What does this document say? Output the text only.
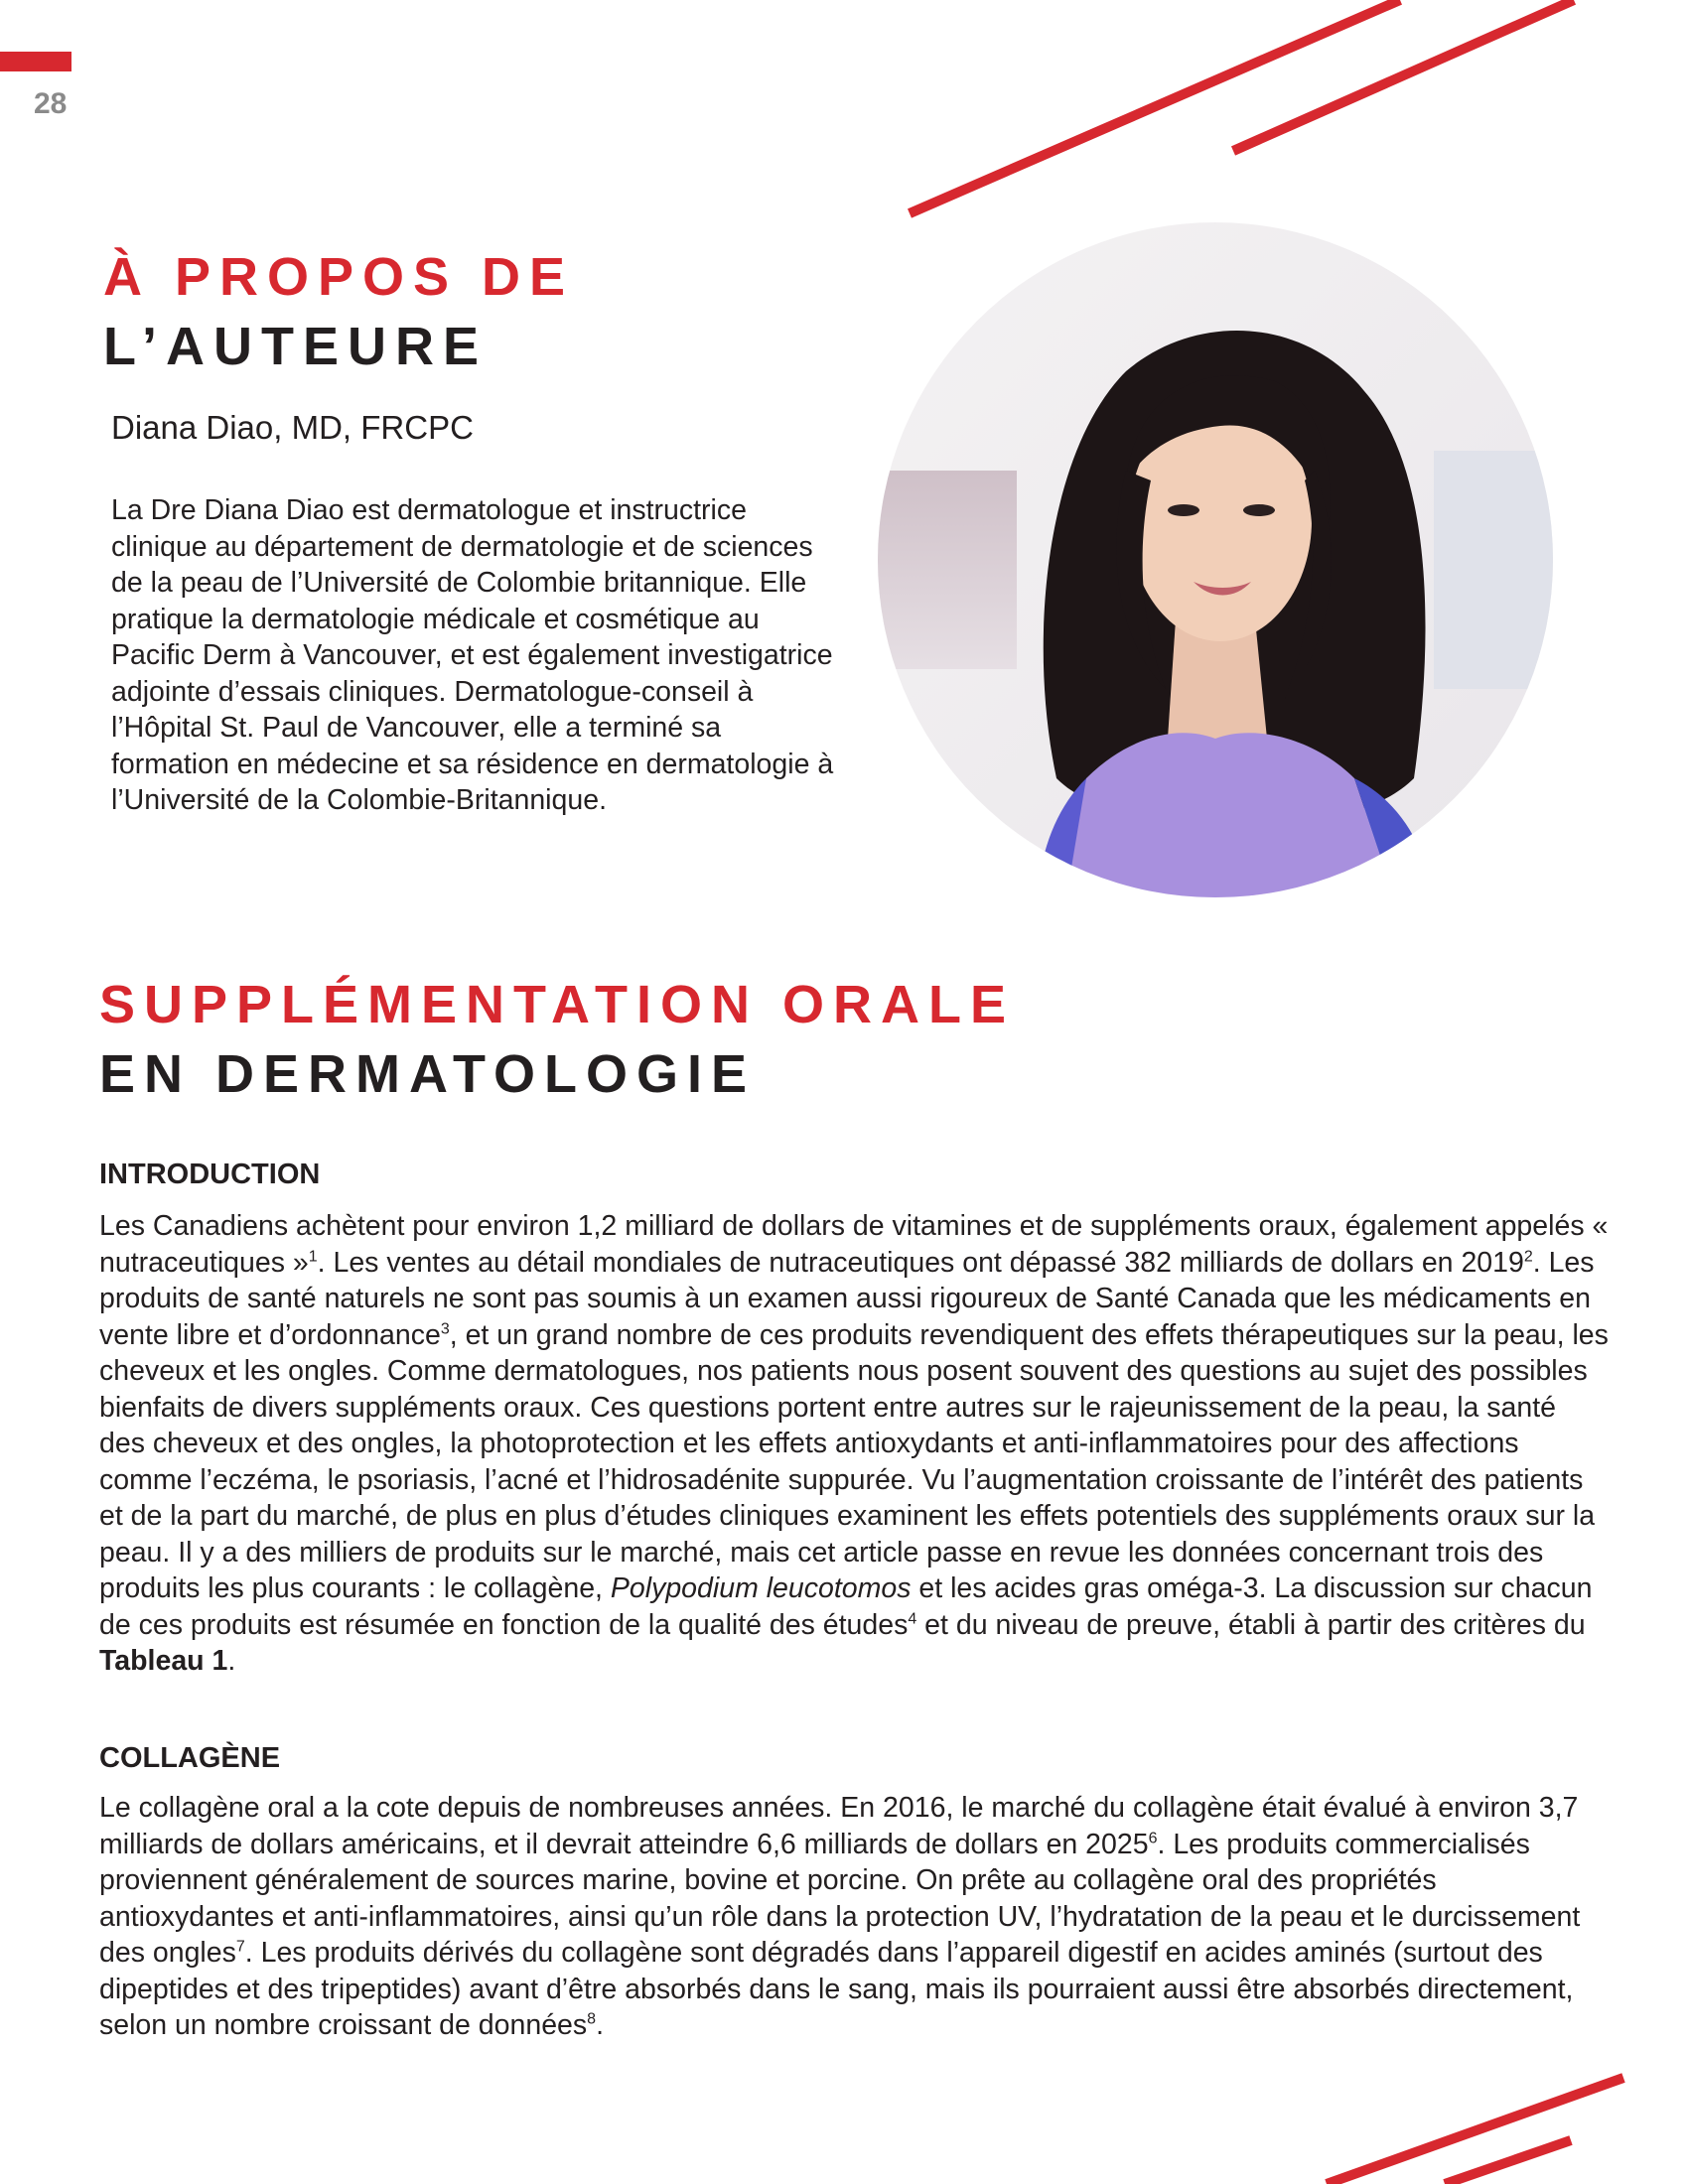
28
À PROPOS DE
L’AUTEURE
Diana Diao, MD, FRCPC
La Dre Diana Diao est dermatologue et instructrice clinique au département de dermatologie et de sciences de la peau de l’Université de Colombie britannique. Elle pratique la dermatologie médicale et cosmétique au Pacific Derm à Vancouver, et est également investigatrice adjointe d’essais cliniques. Dermatologue-conseil à l’Hôpital St. Paul de Vancouver, elle a terminé sa formation en médecine et sa résidence en dermatologie à l’Université de la Colombie-Britannique.
SUPPLÉMENTATION ORALE
EN DERMATOLOGIE
INTRODUCTION
Les Canadiens achètent pour environ 1,2 milliard de dollars de vitamines et de suppléments oraux, également appelés « nutraceutiques »$^1$. Les ventes au détail mondiales de nutraceutiques ont dépassé 382 milliards de dollars en 2019$^2$. Les produits de santé naturels ne sont pas soumis à un examen aussi rigoureux de Santé Canada que les médicaments en vente libre et d’ordonnance$^3$, et un grand nombre de ces produits revendiquent des effets thérapeutiques sur la peau, les cheveux et les ongles. Comme dermatologues, nos patients nous posent souvent des questions au sujet des possibles bienfaits de divers suppléments oraux. Ces questions portent entre autres sur le rajeunissement de la peau, la santé des cheveux et des ongles, la photoprotection et les effets antioxydants et anti-inflammatoires pour des affections comme l’eczéma, le psoriasis, l’acné et l’hidrosadénite suppurée. Vu l’augmentation croissante de l’intérêt des patients et de la part du marché, de plus en plus d’études cliniques examinent les effets potentiels des suppléments oraux sur la peau. Il y a des milliers de produits sur le marché, mais cet article passe en revue les données concernant trois des produits les plus courants : le collagène, Polypodium leucotomos et les acides gras oméga-3. La discussion sur chacun de ces produits est résumée en fonction de la qualité des études$^4$ et du niveau de preuve, établi à partir des critères du Tableau 1.
COLLAGÈNE
Le collagène oral a la cote depuis de nombreuses années. En 2016, le marché du collagène était évalué à environ 3,7 milliards de dollars américains, et il devrait atteindre 6,6 milliards de dollars en 2025$^6$. Les produits commercialisés proviennent généralement de sources marine, bovine et porcine. On prête au collagène oral des propriétés antioxydantes et anti-inflammatoires, ainsi qu’un rôle dans la protection UV, l’hydratation de la peau et le durcissement des ongles$^7$. Les produits dérivés du collagène sont dégradés dans l’appareil digestif en acides aminés (surtout des dipeptides et des tripeptides) avant d’être absorbés dans le sang, mais ils pourraient aussi être absorbés directement, selon un nombre croissant de données$^8$.
